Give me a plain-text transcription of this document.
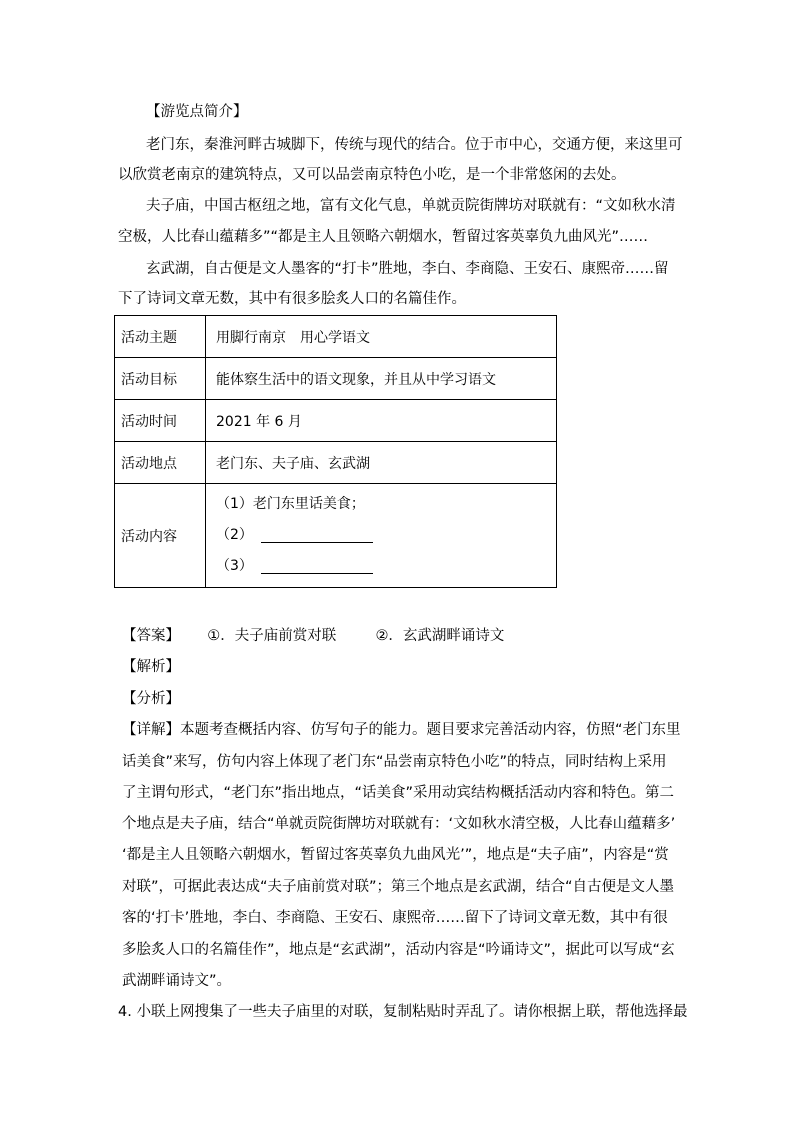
【游览点简介】
老门东，秦淮河畔古城脚下，传统与现代的结合。位于市中心，交通方便，来这里可
以欣赏老南京的建筑特点，又可以品尝南京特色小吃，是一个非常悠闲的去处。
夫子庙，中国古枢纽之地，富有文化气息，单就贡院街牌坊对联就有：“文如秋水清
空极，人比春山蕴藉多”“都是主人且领略六朝烟水，暂留过客英辜负九曲风光”……
玄武湖，自古便是文人墨客的“打卡”胜地，李白、李商隐、王安石、康熙帝……留
下了诗词文章无数，其中有很多脍炙人口的名篇佳作。
活动主题	用脚行南京　用心学语文
活动目标	能体察生活中的语文现象，并且从中学习语文
活动时间	2021 年 6 月
活动地点	老门东、夫子庙、玄武湖
活动内容	（1）老门东里话美食；
（2）
（3）
【答案】 ①．夫子庙前赏对联	②．玄武湖畔诵诗文
【解析】
【分析】
【详解】本题考查概括内容、仿写句子的能力。题目要求完善活动内容，仿照“老门东里
话美食”来写，仿句内容上体现了老门东“品尝南京特色小吃”的特点，同时结构上采用
了主谓句形式，“老门东”指出地点，“话美食”采用动宾结构概括活动内容和特色。第二
个地点是夫子庙，结合“单就贡院街牌坊对联就有：‘文如秋水清空极，人比春山蕴藉多’
‘都是主人且领略六朝烟水，暂留过客英辜负九曲风光’”，地点是“夫子庙”，内容是“赏
对联”，可据此表达成“夫子庙前赏对联”；第三个地点是玄武湖，结合“自古便是文人墨
客的‘打卡’胜地，李白、李商隐、王安石、康熙帝……留下了诗词文章无数，其中有很
多脍炙人口的名篇佳作”，地点是“玄武湖”，活动内容是“吟诵诗文”，据此可以写成“玄
武湖畔诵诗文”。
4. 小联上网搜集了一些夫子庙里的对联，复制粘贴时弄乱了。请你根据上联，帮他选择最
